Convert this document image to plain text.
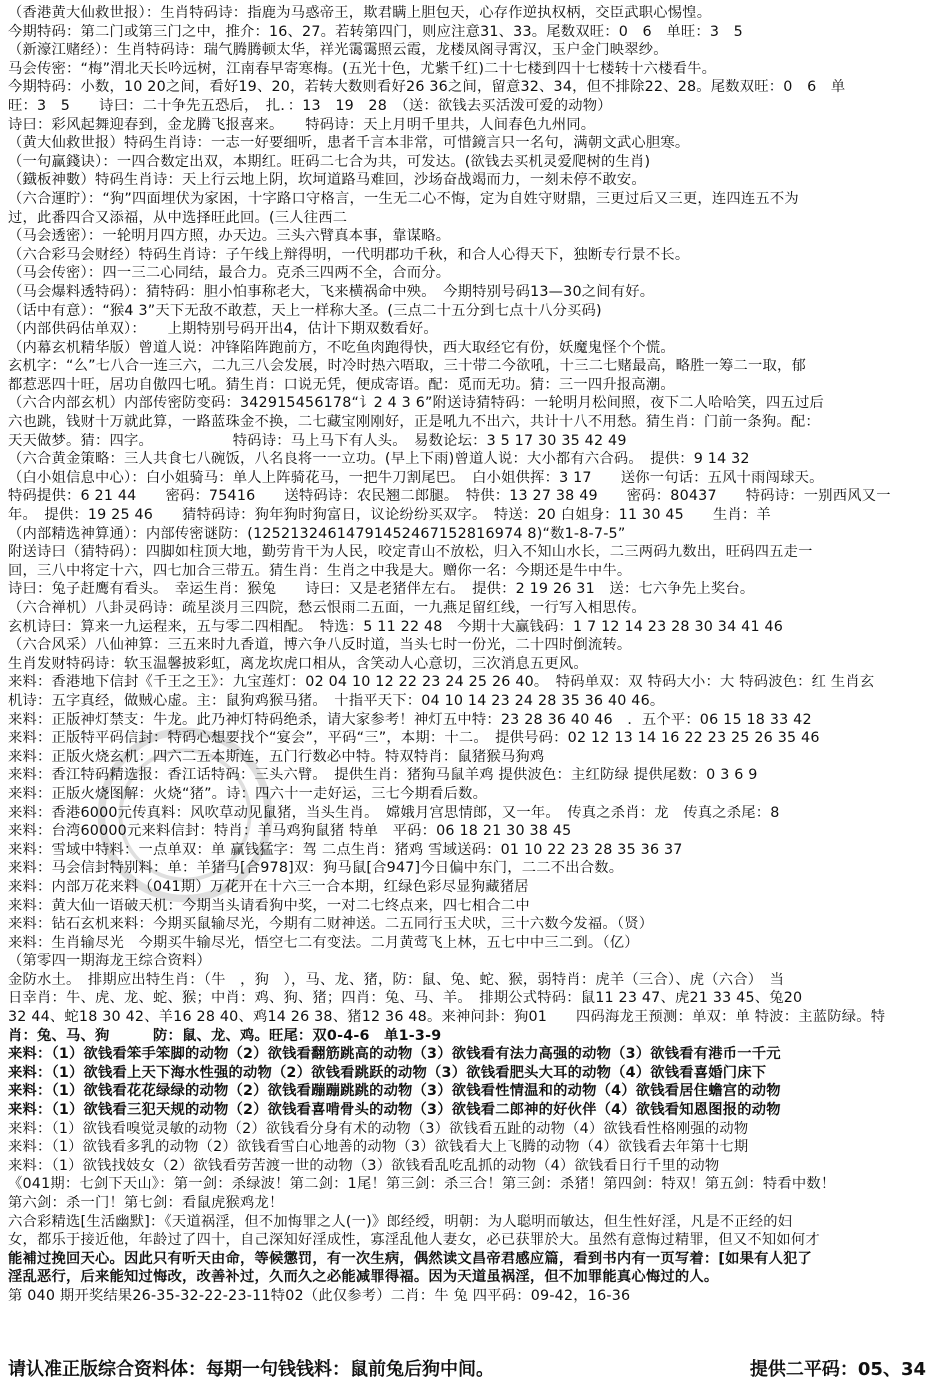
（香港黄大仙救世报）：生肖特码诗：指鹿为马惑帝王，欺君瞒上胆包天，心存作逆执权柄，交臣武职心惕惶。
今期特码：第二门或第三门之中，推介：16、27。若转第四门，则应注意31、33。尾数双旺：0　6　单旺：3　5
（新濠江赌经）：生肖特码诗：瑞气腾腾顿太华，祥光霭霭照云霞，龙楼凤阁寻霄汉，玉户金门映翠纱。
马会传密：“梅”渭北天长吟远树，江南春早寄寒梅。(五光十色，尤紫千红)二十七楼到四十七楼转十六楼看牛。
今期特码：小数，10 20之间，看好19、20，若转大数则看好26 36之间，留意32、34，但不排除22、28。尾数双旺：0　6　单
旺：3　5　　诗曰：二十争先五恐后，　扎．：13　19　28　（送：欲钱去买活泼可爱的动物）
诗曰：彩风起舞迎春到，金龙腾飞报喜来。　　特码诗：天上月明千里共，人间春色九州同。
（黄大仙救世报）特码生肖诗：一志一好要细听，患者千言本非常，可惜鏡言只一名句，满朝文武心胆寒。
（一句赢錢诀）：一四合数定出双，本期红。旺码二七合为共，可发达。(欲钱去买机灵爱爬树的生肖)
（鐡板神數）特码生肖诗：天上行云地上阴，坎坷道路马难回，沙场奋战竭而力，一刻未停不敢安。
（六合運眝）：“狗”四面埋伏为家困，十字路口守格言，一生无二心不悔，定为自姓守财鼎，三更过后又三更，连四连五不为
过，此番四合又添福，从中选择旺此回。(三人往西二
（马会透密）：一轮明月四方照，办天边。三头六臂真本事，靠谋略。
（六合彩马会财经）特码生肖诗：子午线上辩得明，一代明郡功千秋，和合人心得天下，独断专行景不长。
（马会传密）：四一三二心同结，最合力。克杀三四两不全，合而分。
（马会爆料透特码）：猜特码：胆小怕事称老大，飞来横祸命中殃。　今期特别号码13—30之间有好。
（话中有意）：“猴4 3”天下无敌不敢惹，天上一样称大圣。(三点二十五分到七点十八分买码)
（内部供码估单双）：　　上期特别号码开出4，估计下期双数看好。
（内幕玄机精华版）曾道人说：冲锋陷阵跑前方，不吃鱼肉跑得快，西大取经它有份，妖魔鬼怪个个慌。
玄机字：“么”七八合一连三六，二九三八会发展，时冷时热六唔取，三十带二今欲吼，十三二七赌最高，略胜一筹二一取，郁
都惹恶四十旺，居功自傲四七吼。猜生肖：口说无凭，便成寄语。配：觅而无功。猜：三一四升报高潮。
（六合内部玄机）内部传密防变码：342915456178“讠2 4 3 6”附送诗猜特码：一轮明月松间照，夜下二人哈哈笑，四五过后
六也跳，钱财十万就此算，一路蓝珠金不换，二七藏宝刚刚好，正是吼九不出六，共计十八不用愁。猜生肖：门前一条狗。配：
天天做梦。猜：四字。　　　　　　特码诗：马上马下有人头。　易数论坛：3 5 17 30 35 42 49
（六合黄金策略：三人共食七八碗饭，八名良将一一立功。(早上下雨)曾道人说：大小都有六合码。　提供：9 14 32
（白小姐信息中心）：白小姐骑马：单人上阵骑花马，一把牛刀割尾巴。　白小姐供挥：3 17　　送你一句话：五风十雨闯球天。
特码提供：6 21 44　　密码：75416　　送特码诗：农民翘二郎腿。　特供：13 27 38 49　　密码：80437　　特码诗：一别西风又一
年。　提供：19 25 46　　猜特码诗：狗年狗时狗富日，议论纷纷买双字。　特送：20 白姐身：11 30 45　　生肖：羊
（内部精选神算通）：内部传密谜防：(12521324614791452467152816974 8)“数1-8-7-5”
附送诗曰（猜特码）：四脚如柱顶大地，勤劳肯干为人民，咬定青山不放松，归入不知山水长，二三两码九数出，旺码四五走一
回，三八中将定十六，四七加合三带五。猜生肖：生肖之中我是大。赠你一名：今期还是牛中牛。
诗曰：兔子赶鹰有看头。　幸运生肖：猴兔　　诗曰：又是老猪伴左右。　提供：2 19 26 31　送：七六争先上奖台。
（六合禅机）八卦灵码诗：疏星淡月三四院，愁云恨雨二五面，一九燕足留红线，一行写入相思传。
玄机诗曰：算来一九运程来，五与零二四相配。　特选：5 11 22 48　今期十大赢钱码：1 7 12 14 23 28 30 34 41 46
（六合风采）八仙神算：三五来时九香道，博六争八反时道，当头七时一份光，二十四时倒流转。
生肖发财特码诗：软玉温馨披彩虹，离龙坎虎口相从，含笑动人心意切，三次消息五更风。
来料：香港地下信封《千王之王》：九宝莲灯：02 04 10 12 22 23 24 25 26 40。　特码单双：双 特码大小：大 特码波色：红 生肖玄
机诗：五字真经，做贼心虚。主：鼠狗鸡猴马猪。　十指平天下：04 10 14 23 24 28 35 36 40 46。
来料：正版神灯禁支：牛龙。此乃神灯特码绝杀，请大家参考！神灯五中特：23 28 36 40 46　．五个平：06 15 18 33 42
来料：正版特平码信封：特码心想要找个“宴会”，平码“三”，本期：十二。　提供号码：02 12 13 14 16 22 23 25 26 35 46
来料：正版火烧玄机：四六二五本斯连，五门行数必中特。特双特肖：鼠猪猴马狗鸡
来料：香江特码精选报：香江话特码：三头六臂。　提供生肖：猪狗马鼠羊鸡 提供波色：主红防绿 提供尾数：0 3 6 9
来料：正版火烧图解：火烧“猪”。诗：四六十一走好运，三七今期看后数。
来料：香港6000元传真料：风吹草动见鼠猪，当头生肖。　嫦娥月宫思情郎，又一年。　传真之杀肖：龙　传真之杀尾：8
来料：台湾60000元来料信封：特肖：羊马鸡狗鼠猪 特单　平码：06 18 21 30 38 45
来料：雪域中特料：一点单双：单 赢钱猛字：驾 二点生肖：猪鸡 雪域送码：01 10 22 23 28 35 36 37
来料：马会信封特别料：单：羊猪马[合978]双：狗马鼠[合947]今日偏中东门，二二不出合数。
来料：内部万花来料（041期）万花开在十六三一合本期，红绿色彩尽显狗藏猪居
来料：黄大仙一语破天机：今期当头请看狗中奖，一对二七终点来，四七相合二中
来料：钻石玄机来料：今期买鼠输尽光，今期有二财神送。二五同行玉犬吠，三十六数今发福。（贤）
来料：生肖输尽光　今期买牛输尽光，悟空七二有变法。二月黄莺飞上林，五七中中三二到。（亿）
（第零四一期海龙王综合资料）
金防水土。　排期应出特生肖：（牛　，狗　），马、龙、猪，防：鼠、兔、蛇、猴，弱特肖：虎羊（三合）、虎（六合）　当
日幸肖：牛、虎、龙、蛇、猴；中肖：鸡、狗、猪；四肖：兔、马、羊。　排期公式特码：鼠11 23 47、虎21 33 45、兔20
32 44、蛇18 30 42、羊16 28 40、鸡14 26 38、猪12 36 48。来神问卦：狗01　　四码海龙王预测：单双：单 特波：主蓝防绿。特
肖：兔、马、狗　　　防：鼠、龙、鸡。旺尾：双0-4-6　单1-3-9
来料：（1）欲钱看笨手笨脚的动物（2）欲钱看翻筋跳高的动物（3）欲钱看有法力高强的动物（3）欲钱看有港币一千元
来料：（1）欲钱看上天下海水性强的动物（2）欲钱看跳跃的动物（3）欲钱看肥头大耳的动物（4）欲钱看喜婚门床下
来料：（1）欲钱看花花绿绿的动物（2）欲钱看蹦蹦跳跳的动物（3）欲钱看性情温和的动物（4）欲钱看居住蟾宫的动物
来料：（1）欲钱看三犯天规的动物（2）欲钱看喜啃骨头的动物（3）欲钱看二郎神的好伙伴（4）欲钱看知恩图报的动物
来料：（1）欲钱看嗅觉灵敏的动物（2）欲钱看分身有术的动物（3）欲钱看五趾的动物（4）欲钱看性格刚强的动物
来料：（1）欲钱看多乳的动物（2）欲钱看雪白心地善的动物（3）欲钱看大上飞腾的动物（4）欲钱看去年第十七期
来料：（1）欲钱找妓女（2）欲钱看劳苦渡一世的动物（3）欲钱看乱吃乱抓的动物（4）欲钱看日行千里的动物
《041期：七剑下天山》：第一剑：杀绿波！第二剑：1尾！第三剑：杀三合！第三剑：杀猪！第四剑：特双！第五剑：特看中数！
第六剑：杀一门！第七剑：看鼠虎猴鸡龙！
六合彩精选[生活幽默]：《天道祸淫，但不加悔罪之人(一)》郎经绶，明朝：为人聪明而敏达，但生性好淫，凡是不正经的妇
女，都乐于接近他，年龄过了四十，自己深知好淫成性，寡淫乱他人妻女，必已获罪於大。虽然有意悔过精罪，但又不知如何才
能補过挽回天心。因此只有听天由命，等候懲罚，有一次生病，偶然读文昌帝君感应篇，看到书内有一页写着：[如果有人犯了
淫乱恶行，后来能知过悔改，改善补过，久而久之必能减罪得福。因为天道虽祸淫，但不加罪能真心悔过的人。
第 040 期开奖结果26-35-32-22-23-11特02（此仅参考）二肖：牛 兔 四平码：09-42，16-36
请认准正版综合资料体：每期一句钱钱料：鼠前兔后狗中间。	提供二平码：05、34
